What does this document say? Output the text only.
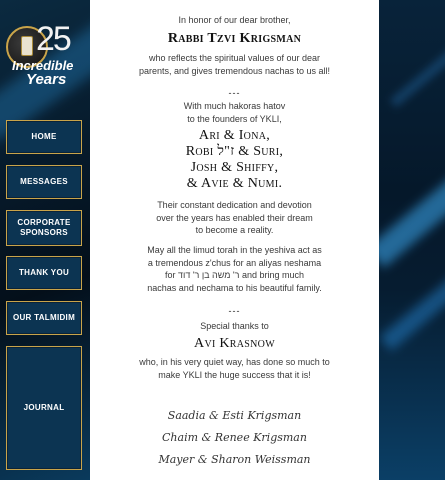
25
Incredible
Years
HOME
MESSAGES
CORPORATE
SPONSORS
THANK YOU
OUR TALMIDIM
JOURNAL
In honor of our dear brother,
Rabbi Tzvi Krigsman
who reflects the spiritual values of our dear
parents, and gives tremendous nachas to us all!
---
With much hakoras hatov
to the founders of YKLI,
Ari & Iona,
Robi ז"ל & Suri,
Josh & Shiffy,
& Avie & Numi.
Their constant dedication and devotion
over the years has enabled their dream
to become a reality.
May all the limud torah in the yeshiva act as
a tremendous z'chus for an aliyas neshama
for ר' משה בן ר' דוד and bring much
nachas and nechama to his beautiful family.
---
Special thanks to
Avi Krasnow
who, in his very quiet way, has done so much to
make YKLI the huge success that it is!
Saadia & Esti Krigsman
Chaim & Renee Krigsman
Mayer & Sharon Weissman
